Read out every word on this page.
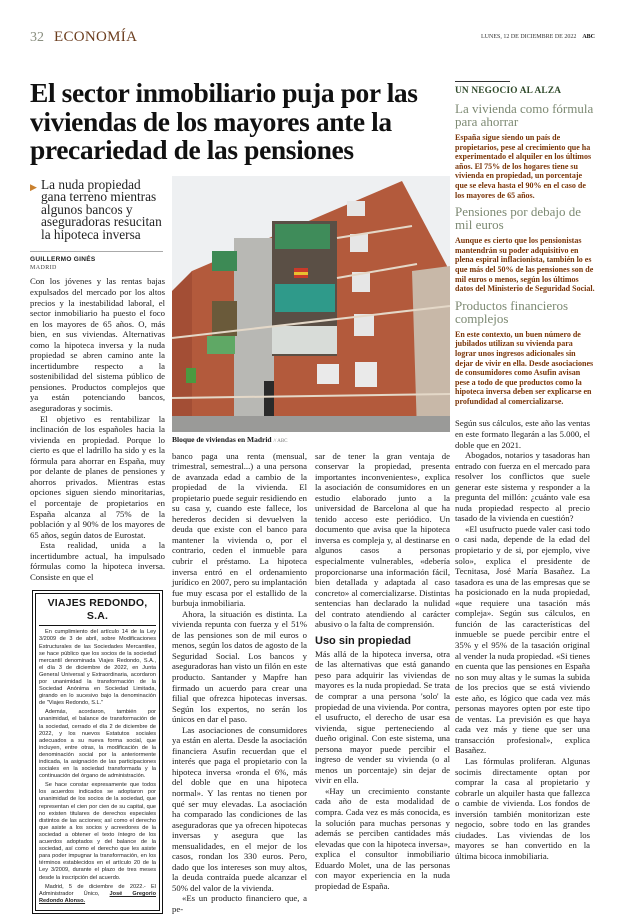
32 ECONOMÍA	LUNES, 12 DE DICIEMBRE DE 2022 ABC
El sector inmobiliario puja por las viviendas de los mayores ante la precariedad de las pensiones
▶ La nuda propiedad gana terreno mientras algunos bancos y aseguradoras resucitan la hipoteca inversa
GUILLERMO GINÉS
MADRID

Con los jóvenes y las rentas bajas expulsados del mercado por los altos precios y la inestabilidad laboral, el sector inmobiliario ha puesto el foco en los mayores de 65 años. O, más bien, en sus viviendas. Alternativas como la hipoteca inversa y la nuda propiedad se abren camino ante la incertidumbre respecto a la sostenibilidad del sistema público de pensiones. Productos complejos que ya están potenciando bancos, aseguradoras y socimis.

El objetivo es rentabilizar la inclinación de los españoles hacia la vivienda en propiedad. Porque lo cierto es que el ladrillo ha sido y es la fórmula para ahorrar en España, muy por delante de planes de pensiones y ahorros privados. Mientras estas opciones siguen siendo minoritarias, el porcentaje de propietarios en España alcanza al 75% de la población y al 90% de los mayores de 65 años, según datos de Eurostat.

Esta realidad, unida a la incertidumbre actual, ha impulsado fórmulas como la hipoteca inversa. Consiste en que el

VIAJES REDONDO, S.A.

En cumplimiento del artículo 14 de la Ley 3/2009 de 3 de abril, sobre Modificaciones Estructurales de las Sociedades Mercantiles, se hace público que los socios de la sociedad mercantil denominada Viajes Redondo, S.A., el día 3 de diciembre de 2022, en Junta General Universal y Extraordinaria, acordaron por unanimidad la transformación de la Sociedad Anónima en Sociedad Limitada, girando en lo sucesivo bajo la denominación de "Viajes Redondo, S.L."

Además, acordaron, también por unanimidad, el balance de transformación de la sociedad, cerrado el día 2 de diciembre de 2022, y los nuevos Estatutos sociales adecuados a su nueva forma social, que incluyen, entre otras, la modificación de la denominación social por la anteriormente indicada, la asignación de las participaciones sociales en la sociedad transformada y la continuación del órgano de administración.

Se hace constar expresamente que todos los acuerdos indicados se adoptaron por unanimidad de los socios de la sociedad, que representan el cien por cien de su capital, que no existen titulares de derechos especiales distintos de las acciones; así como el derecho que asiste a los socios y acreedores de la sociedad a obtener el texto íntegro de los acuerdos adoptados y del balance de la sociedad, así como el derecho que les asiste para poder impugnar la transformación, en los términos establecidos en el artículo 20 de la Ley 3/2009, durante el plazo de tres meses desde la inscripción del acuerdo.

Madrid, 5 de diciembre de 2022.- El Administrador Único, José Gregorio Redondo Alonso.

Bloque de viviendas en Madrid // ABC

banco paga una renta (mensual, trimestral, semestral...) a una persona de avanzada edad a cambio de la propiedad de la vivienda. El propietario puede seguir residiendo en su casa y, cuando este fallece, los herederos deciden si devuelven la deuda que existe con el banco para mantener la vivienda o, por el contrario, ceden el inmueble para cubrir el préstamo. La hipoteca inversa entró en el ordenamiento jurídico en 2007, pero su implantación fue muy escasa por el estallido de la burbuja inmobiliaria.

Ahora, la situación es distinta. La vivienda repunta con fuerza y el 51% de las pensiones son de mil euros o menos, según los datos de agosto de la Seguridad Social. Los bancos y aseguradoras han visto un filón en este producto. Santander y Mapfre han firmado un acuerdo para crear una filial que ofrezca hipotecas inversas. Según los expertos, no serán los únicos en dar el paso.

Las asociaciones de consumidores ya están en alerta. Desde la asociación financiera Asufin recuerdan que el interés que paga el propietario con la hipoteca inversa «ronda el 6%, más del doble que en una hipoteca normal». Y las rentas no tienen por qué ser muy elevadas. La asociación ha comparado las condiciones de las aseguradoras que ya ofrecen hipotecas inversas y asegura que las mensualidades, en el mejor de los casos, rondan los 330 euros. Pero, dado que los intereses son muy altos, la deuda contraída puede alcanzar el 50% del valor de la vivienda.

«Es un producto financiero que, a pe-

sar de tener la gran ventaja de conservar la propiedad, presenta importantes inconvenientes», explica la asociación de consumidores en un estudio elaborado junto a la universidad de Barcelona al que ha tenido acceso este periódico. Un documento que avisa que la hipoteca inversa es compleja y, al destinarse en algunos casos a personas especialmente vulnerables, «debería proporcionarse una información fácil, bien detallada y adaptada al caso concreto» al comercializarse. Distintas sentencias han declarado la nulidad del contrato atendiendo al carácter abusivo o la falta de comprensión.

Uso sin propiedad

Más allá de la hipoteca inversa, otra de las alternativas que está ganando peso para adquirir las viviendas de mayores es la nuda propiedad. Se trata de comprar a una persona 'solo' la propiedad de una vivienda. Por contra, el usufructo, el derecho de usar esa vivienda, sigue perteneciendo al dueño original. Con este sistema, una persona mayor puede percibir el ingreso de vender su vivienda (o al menos un porcentaje) sin dejar de vivir en ella.

«Hay un crecimiento constante cada año de esta modalidad de compra. Cada vez es más conocida, es la solución para muchas personas y además se perciben cantidades más elevadas que con la hipoteca inversa», explica el consultor inmobiliario Eduardo Molet, una de las personas con mayor experiencia en la nuda propiedad de España.

UN NEGOCIO AL ALZA
La vivienda como fórmula para ahorrar
España sigue siendo un país de propietarios, pese al crecimiento que ha experimentado el alquiler en los últimos años. El 75% de los hogares tiene su vivienda en propiedad, un porcentaje que se eleva hasta el 90% en el caso de los mayores de 65 años.
Pensiones por debajo de mil euros
Aunque es cierto que los pensionistas mantendrán su poder adquisitivo en plena espiral inflacionista, también lo es que más del 50% de las pensiones son de mil euros o menos, según los últimos datos del Ministerio de Seguridad Social.
Productos financieros complejos
En este contexto, un buen número de jubilados utilizan su vivienda para lograr unos ingresos adicionales sin dejar de vivir en ella. Desde asociaciones de consumidores como Asufin avisan pese a todo de que productos como la hipoteca inversa deben ser explicarse en profundidad al comercializarse.

Según sus cálculos, este año las ventas en este formato llegarán a las 5.000, el doble que en 2021.

Abogados, notarios y tasadoras han entrado con fuerza en el mercado para resolver los conflictos que suele generar este sistema y responder a la pregunta del millón: ¿cuánto vale esa nuda propiedad respecto al precio tasado de la vivienda en cuestión?

«El usufructo puede valer casi todo o casi nada, depende de la edad del propietario y de si, por ejemplo, vive solo», explica el presidente de Tecnitasa, José María Basañez. La tasadora es una de las empresas que se ha posicionado en la nuda propiedad, «que requiere una tasación más compleja». Según sus cálculos, en función de las características del inmueble se puede percibir entre el 35% y el 95% de la tasación original al vender la nuda propiedad. «Si tienes en cuenta que las pensiones en España no son muy altas y le sumas la subida de los precios que se está viviendo este año, es lógico que cada vez más personas mayores opten por este tipo de ventas. La previsión es que haya cada vez más y tiene que ser una transacción profesional», explica Basañez.

Las fórmulas proliferan. Algunas socimis directamente optan por comprar la casa al propietario y cobrarle un alquiler hasta que fallezca o cambie de vivienda. Los fondos de inversión también monitorizan este negocio, sobre todo en las grandes ciudades. Las viviendas de los mayores se han convertido en la última bicoca inmobiliaria.
